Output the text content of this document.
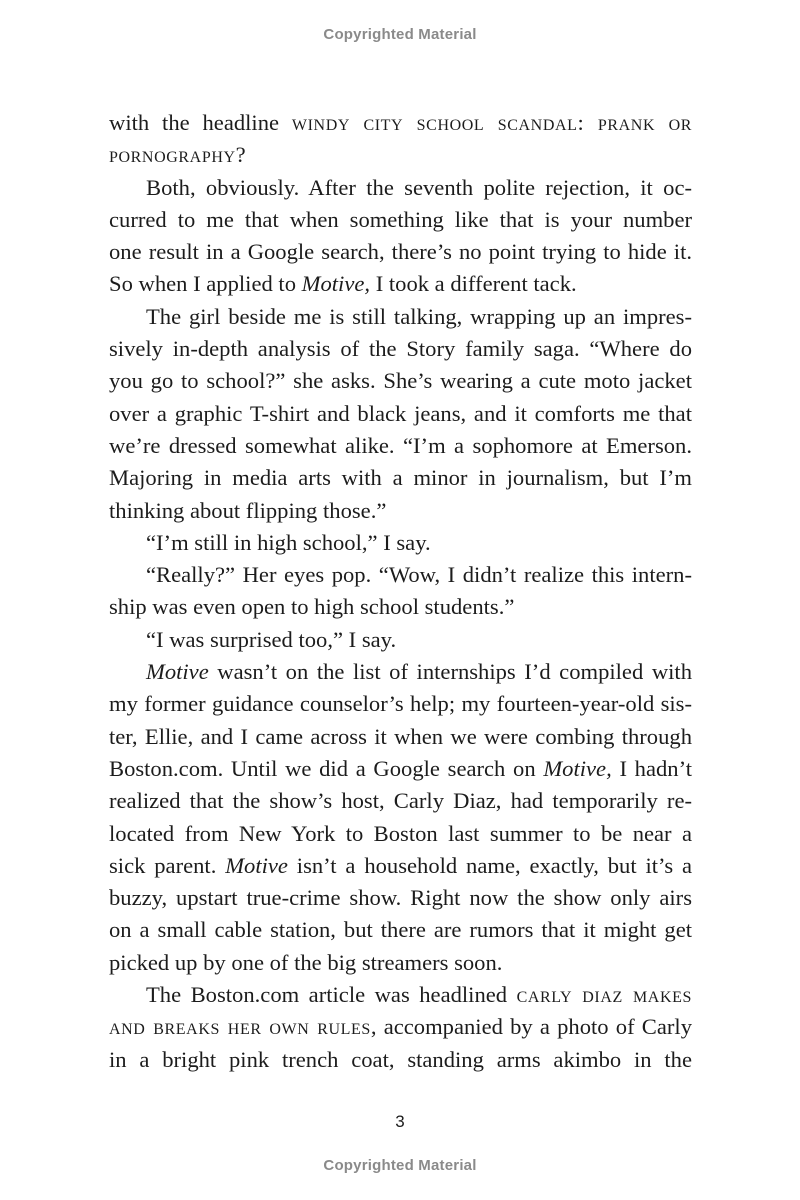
Copyrighted Material
with the headline windy city school scandal: prank or
pornography?
Both, obviously. After the seventh polite rejection, it oc-
curred to me that when something like that is your number
one result in a Google search, there’s no point trying to hide it.
So when I applied to Motive, I took a different tack.
The girl beside me is still talking, wrapping up an impres-
sively in-depth analysis of the Story family saga. “Where do
you go to school?” she asks. She’s wearing a cute moto jacket
over a graphic T-shirt and black jeans, and it comforts me that
we’re dressed somewhat alike. “I’m a sophomore at Emerson.
Majoring in media arts with a minor in journalism, but I’m
thinking about flipping those.”
“I’m still in high school,” I say.
“Really?” Her eyes pop. “Wow, I didn’t realize this intern-
ship was even open to high school students.”
“I was surprised too,” I say.
Motive wasn’t on the list of internships I’d compiled with
my former guidance counselor’s help; my fourteen-year-old sis-
ter, Ellie, and I came across it when we were combing through
Boston.com. Until we did a Google search on Motive, I hadn’t
realized that the show’s host, Carly Diaz, had temporarily re-
located from New York to Boston last summer to be near a
sick parent. Motive isn’t a household name, exactly, but it’s a
buzzy, upstart true-crime show. Right now the show only airs
on a small cable station, but there are rumors that it might get
picked up by one of the big streamers soon.
The Boston.com article was headlined carly diaz makes
and breaks her own rules, accompanied by a photo of Carly
in a bright pink trench coat, standing arms akimbo in the
3
Copyrighted Material
